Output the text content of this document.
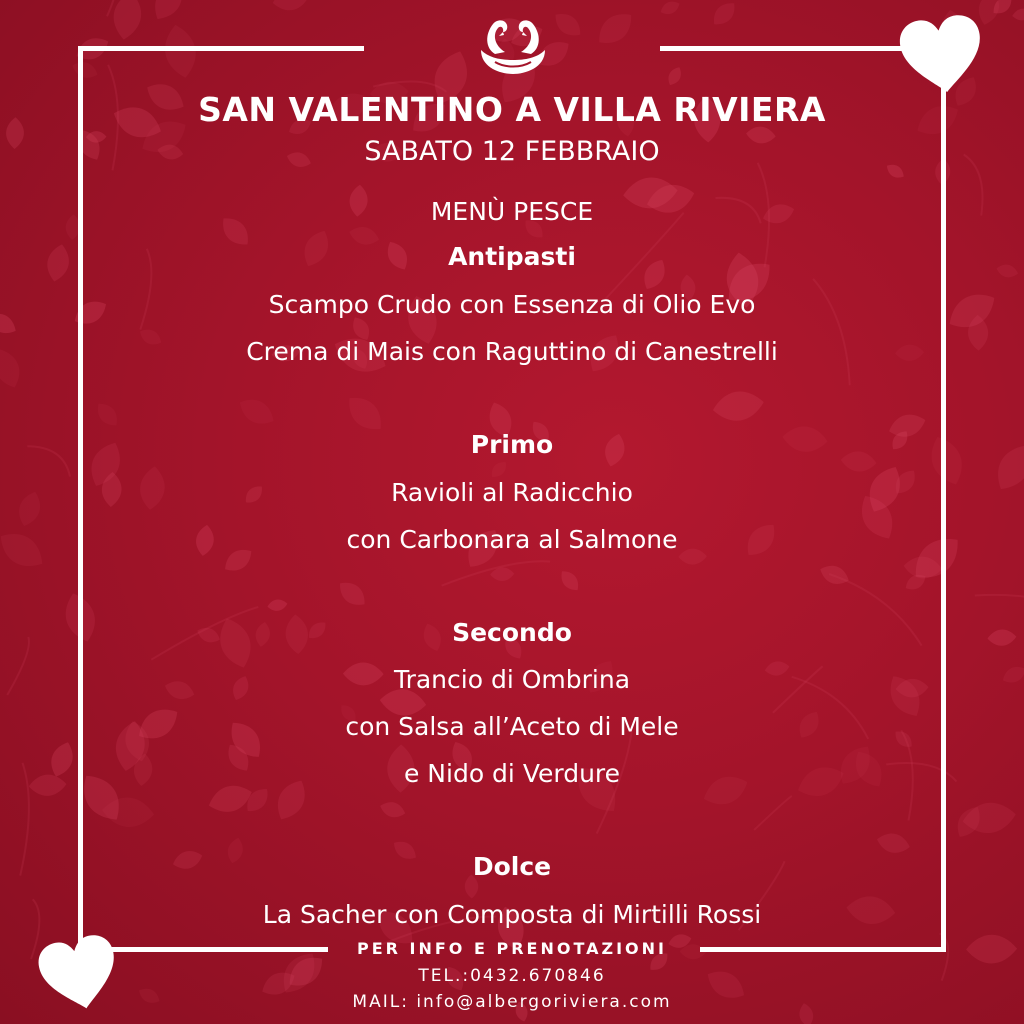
SAN VALENTINO A VILLA RIVIERA
SABATO 12 FEBBRAIO
MENÙ PESCE
Antipasti
Scampo Crudo con Essenza di Olio Evo
Crema di Mais con Raguttino di Canestrelli
Primo
Ravioli al Radicchio
con Carbonara al Salmone
Secondo
Trancio di Ombrina
con Salsa all’Aceto di Mele
e Nido di Verdure
Dolce
La Sacher con Composta di Mirtilli Rossi
PER INFO E PRENOTAZIONI
TEL.:0432.670846
MAIL: info@albergoriviera.com
